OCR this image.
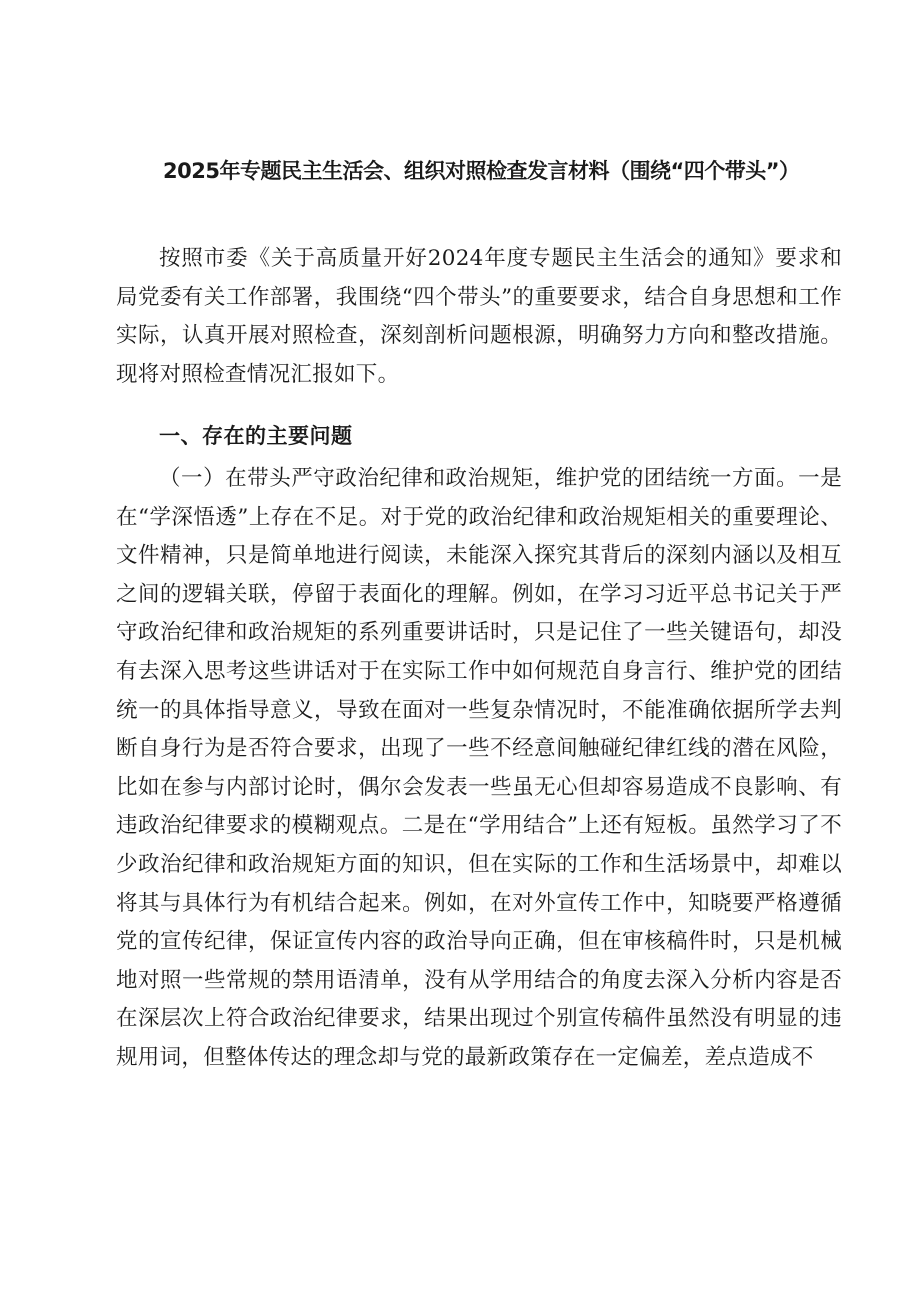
2025年专题民主生活会、组织对照检查发言材料（围绕“四个带头”）

按照市委《关于高质量开好2024年度专题民主生活会的通知》要求和局党委有关工作部署，我围绕“四个带头”的重要要求，结合自身思想和工作实际，认真开展对照检查，深刻剖析问题根源，明确努力方向和整改措施。现将对照检查情况汇报如下。

一、存在的主要问题

（一）在带头严守政治纪律和政治规矩，维护党的团结统一方面。一是在“学深悟透”上存在不足。对于党的政治纪律和政治规矩相关的重要理论、文件精神，只是简单地进行阅读，未能深入探究其背后的深刻内涵以及相互之间的逻辑关联，停留于表面化的理解。例如，在学习习近平总书记关于严守政治纪律和政治规矩的系列重要讲话时，只是记住了一些关键语句，却没有去深入思考这些讲话对于在实际工作中如何规范自身言行、维护党的团结统一的具体指导意义，导致在面对一些复杂情况时，不能准确依据所学去判断自身行为是否符合要求，出现了一些不经意间触碰纪律红线的潜在风险，比如在参与内部讨论时，偶尔会发表一些虽无心但却容易造成不良影响、有违政治纪律要求的模糊观点。二是在“学用结合”上还有短板。虽然学习了不少政治纪律和政治规矩方面的知识，但在实际的工作和生活场景中，却难以将其与具体行为有机结合起来。例如，在对外宣传工作中，知晓要严格遵循党的宣传纪律，保证宣传内容的政治导向正确，但在审核稿件时，只是机械地对照一些常规的禁用语清单，没有从学用结合的角度去深入分析内容是否在深层次上符合政治纪律要求，结果出现过个别宣传稿件虽然没有明显的违规用词，但整体传达的理念却与党的最新政策存在一定偏差，差点造成不
